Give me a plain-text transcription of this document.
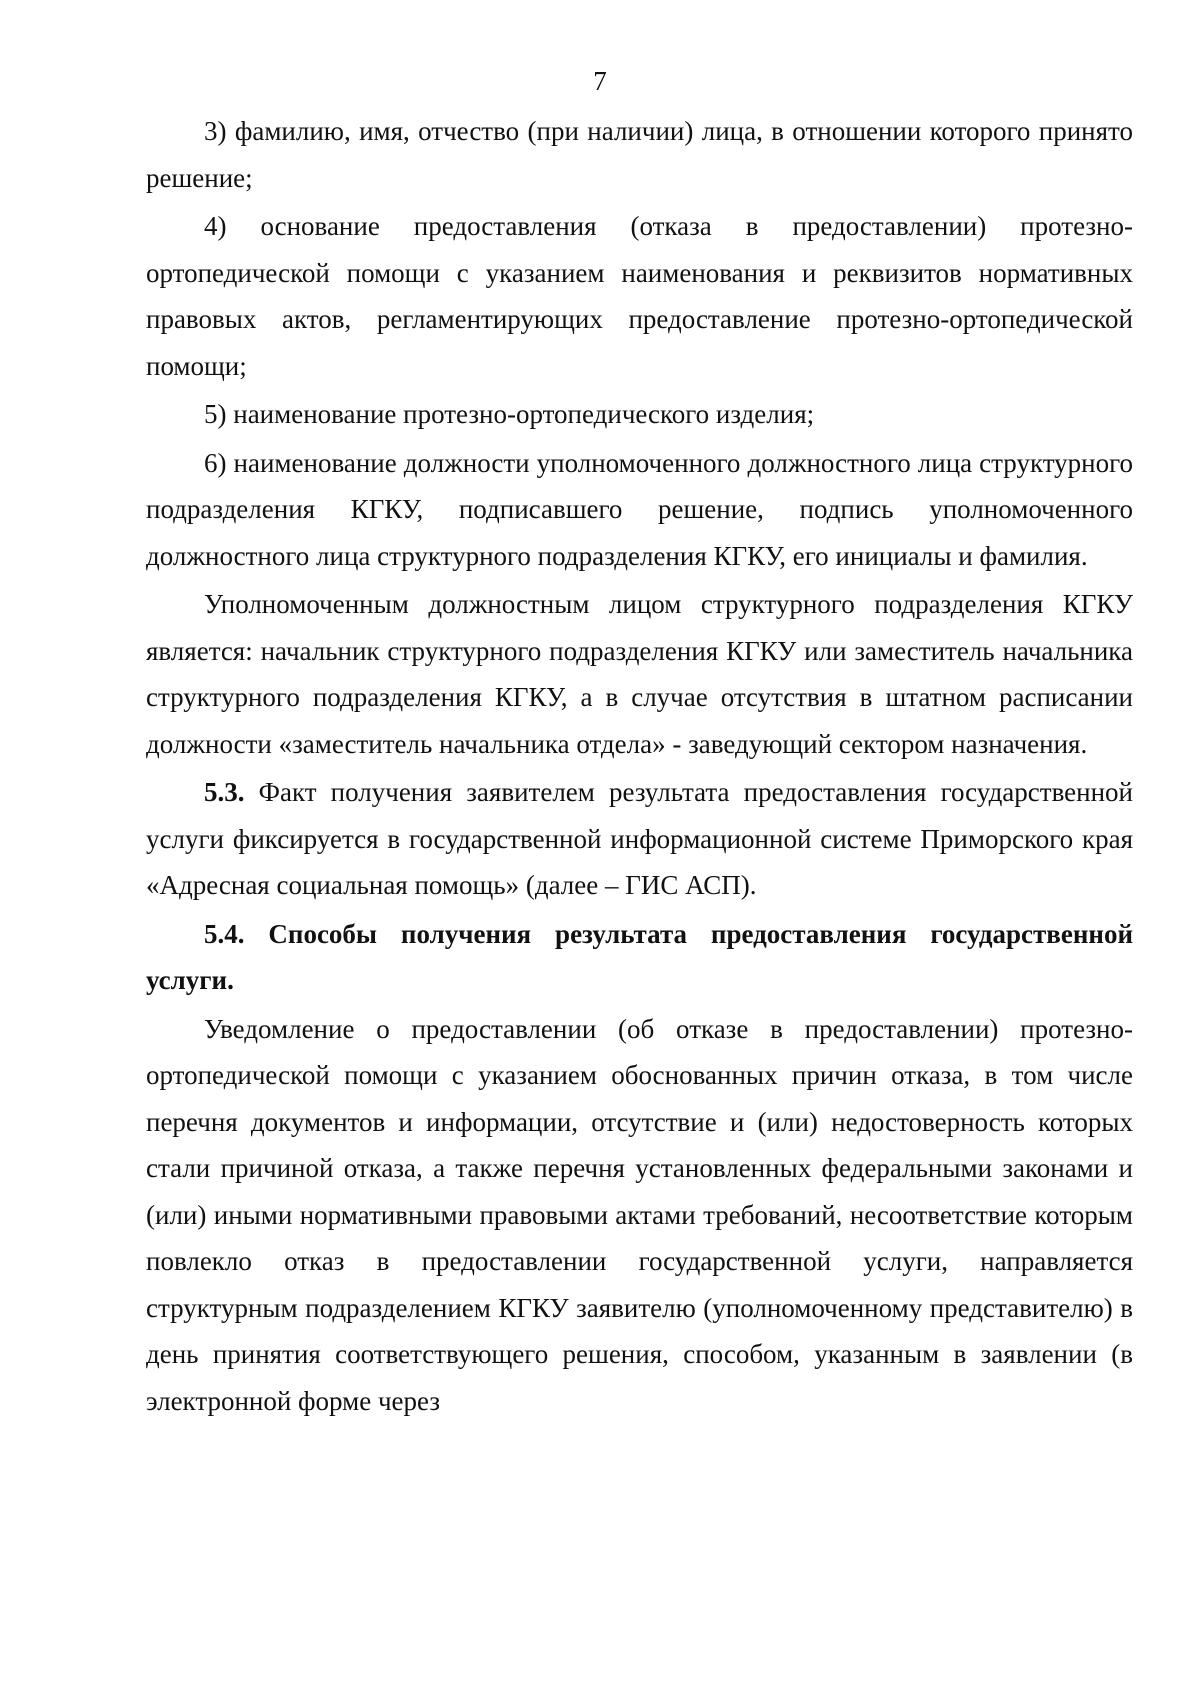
7

3) фамилию, имя, отчество (при наличии) лица, в отношении которого принято решение;

4) основание предоставления (отказа в предоставлении) протезно-ортопедической помощи с указанием наименования и реквизитов нормативных правовых актов, регламентирующих предоставление протезно-ортопедической помощи;

5) наименование протезно-ортопедического изделия;

6) наименование должности уполномоченного должностного лица структурного подразделения КГКУ, подписавшего решение, подпись уполномоченного должностного лица структурного подразделения КГКУ, его инициалы и фамилия.

Уполномоченным должностным лицом структурного подразделения КГКУ является: начальник структурного подразделения КГКУ или заместитель начальника структурного подразделения КГКУ, а в случае отсутствия в штатном расписании должности «заместитель начальника отдела» - заведующий сектором назначения.

5.3. Факт получения заявителем результата предоставления государственной услуги фиксируется в государственной информационной системе Приморского края «Адресная социальная помощь» (далее – ГИС АСП).

5.4. Способы получения результата предоставления государственной услуги.

Уведомление о предоставлении (об отказе в предоставлении) протезно-ортопедической помощи с указанием обоснованных причин отказа, в том числе перечня документов и информации, отсутствие и (или) недостоверность которых стали причиной отказа, а также перечня установленных федеральными законами и (или) иными нормативными правовыми актами требований, несоответствие которым повлекло отказ в предоставлении государственной услуги, направляется структурным подразделением КГКУ заявителю (уполномоченному представителю) в день принятия соответствующего решения, способом, указанным в заявлении (в электронной форме через
